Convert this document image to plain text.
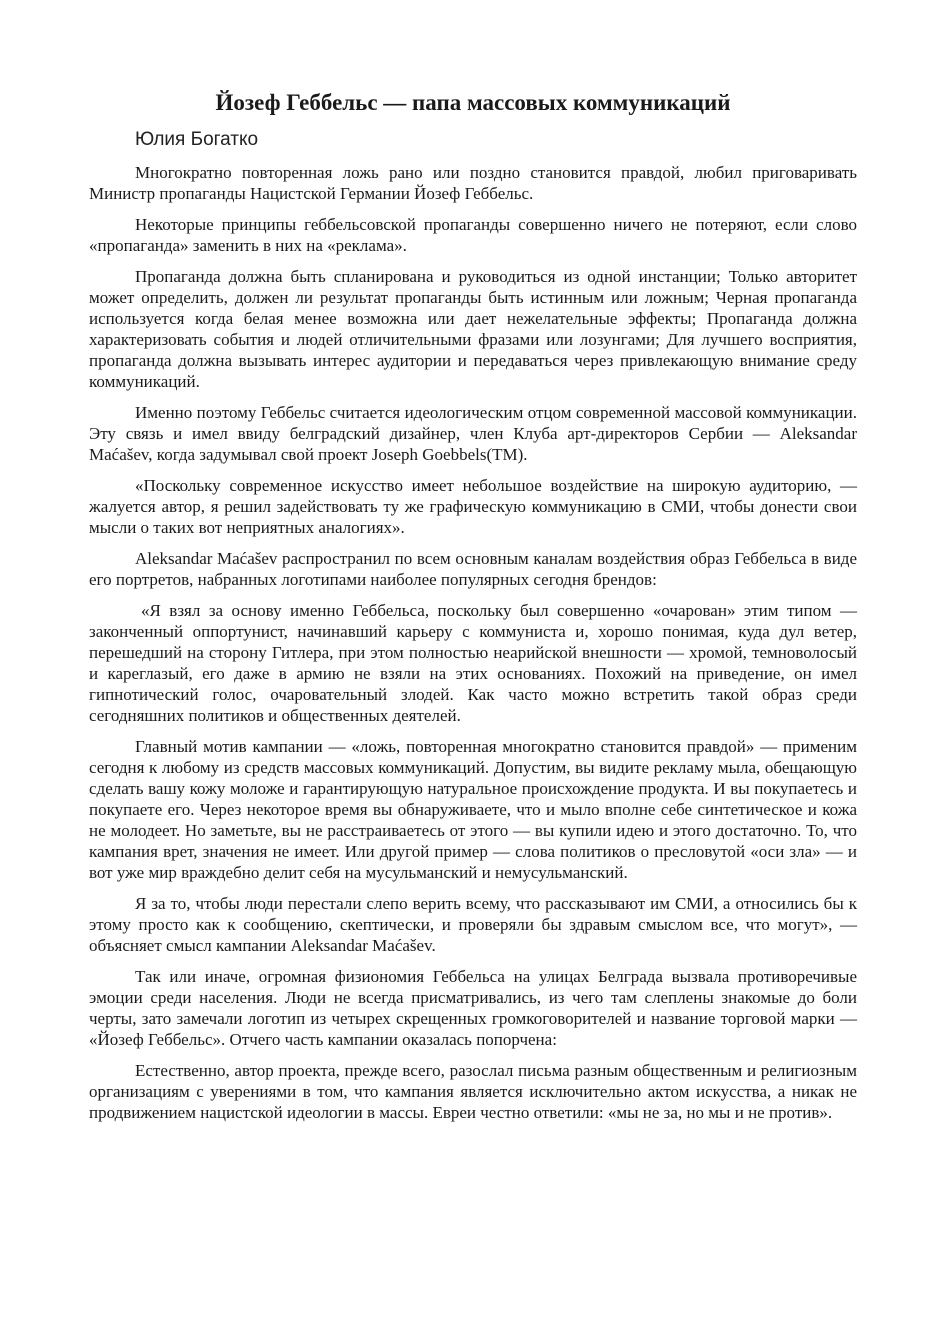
Йозеф Геббельс — папа массовых коммуникаций
Юлия Богатко

Многократно повторенная ложь рано или поздно становится правдой, любил приговаривать Министр пропаганды Нацистской Германии Йозеф Геббельс.

Некоторые принципы геббельсовской пропаганды совершенно ничего не потеряют, если слово «пропаганда» заменить в них на «реклама».

Пропаганда должна быть спланирована и руководиться из одной инстанции; Только авторитет может определить, должен ли результат пропаганды быть истинным или ложным; Черная пропаганда используется когда белая менее возможна или дает нежелательные эффекты; Пропаганда должна характеризовать события и людей отличительными фразами или лозунгами; Для лучшего восприятия, пропаганда должна вызывать интерес аудитории и передаваться через привлекающую внимание среду коммуникаций.

Именно поэтому Геббельс считается идеологическим отцом современной массовой коммуникации. Эту связь и имел ввиду белградский дизайнер, член Клуба арт-директоров Сербии — Aleksandar Maćašev, когда задумывал свой проект Joseph Goebbels(TM).

«Поскольку современное искусство имеет небольшое воздействие на широкую аудиторию, — жалуется автор, я решил задействовать ту же графическую коммуникацию в СМИ, чтобы донести свои мысли о таких вот неприятных аналогиях».

Aleksandar Maćašev распространил по всем основным каналам воздействия образ Геббельса в виде его портретов, набранных логотипами наиболее популярных сегодня брендов:

«Я взял за основу именно Геббельса, поскольку был совершенно «очарован» этим типом — законченный оппортунист, начинавший карьеру с коммуниста и, хорошо понимая, куда дул ветер, перешедший на сторону Гитлера, при этом полностью неарийской внешности — хромой, темноволосый и кареглазый, его даже в армию не взяли на этих основаниях. Похожий на приведение, он имел гипнотический голос, очаровательный злодей. Как часто можно встретить такой образ среди сегодняшних политиков и общественных деятелей.

Главный мотив кампании — «ложь, повторенная многократно становится правдой» — применим сегодня к любому из средств массовых коммуникаций. Допустим, вы видите рекламу мыла, обещающую сделать вашу кожу моложе и гарантирующую натуральное происхождение продукта. И вы покупаетесь и покупаете его. Через некоторое время вы обнаруживаете, что и мыло вполне себе синтетическое и кожа не молодеет. Но заметьте, вы не расстраиваетесь от этого — вы купили идею и этого достаточно. То, что кампания врет, значения не имеет. Или другой пример — слова политиков о пресловутой «оси зла» — и вот уже мир враждебно делит себя на мусульманский и немусульманский.

Я за то, чтобы люди перестали слепо верить всему, что рассказывают им СМИ, а относились бы к этому просто как к сообщению, скептически, и проверяли бы здравым смыслом все, что могут», — объясняет смысл кампании Aleksandar Maćašev.

Так или иначе, огромная физиономия Геббельса на улицах Белграда вызвала противоречивые эмоции среди населения. Люди не всегда присматривались, из чего там слеплены знакомые до боли черты, зато замечали логотип из четырех скрещенных громкоговорителей и название торговой марки — «Йозеф Геббельс». Отчего часть кампании оказалась попорчена:

Естественно, автор проекта, прежде всего, разослал письма разным общественным и религиозным организациям с уверениями в том, что кампания является исключительно актом искусства, а никак не продвижением нацистской идеологии в массы. Евреи честно ответили: «мы не за, но мы и не против».
